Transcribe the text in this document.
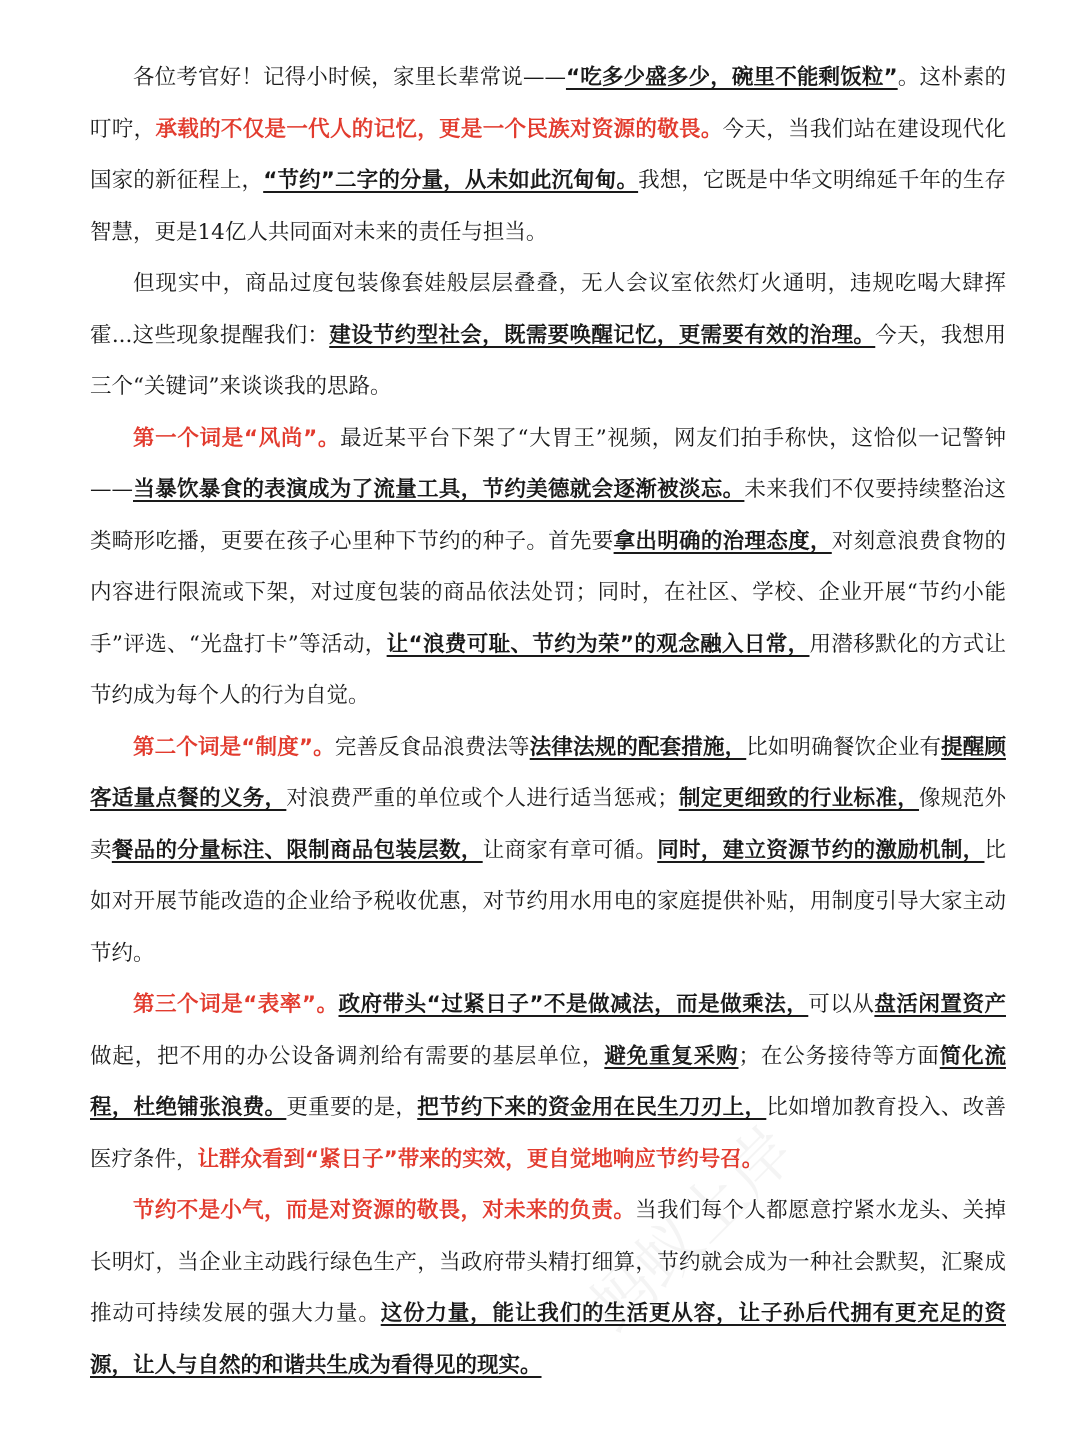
各位考官好！记得小时候，家里长辈常说——“吃多少盛多少，碗里不能剩饭粒”。这朴素的叮咛，承载的不仅是一代人的记忆，更是一个民族对资源的敬畏。今天，当我们站在建设现代化国家的新征程上，“节约”二字的分量，从未如此沉甸甸。我想，它既是中华文明绵延千年的生存智慧，更是14亿人共同面对未来的责任与担当。

但现实中，商品过度包装像套娃般层层叠叠，无人会议室依然灯火通明，违规吃喝大肆挥霍...这些现象提醒我们：建设节约型社会，既需要唤醒记忆，更需要有效的治理。今天，我想用三个“关键词”来谈谈我的思路。

第一个词是“风尚”。最近某平台下架了“大胃王”视频，网友们拍手称快，这恰似一记警钟——当暴饮暴食的表演成为了流量工具，节约美德就会逐渐被淡忘。未来我们不仅要持续整治这类畸形吃播，更要在孩子心里种下节约的种子。首先要拿出明确的治理态度，对刻意浪费食物的内容进行限流或下架，对过度包装的商品依法处罚；同时，在社区、学校、企业开展“节约小能手”评选、“光盘打卡”等活动，让“浪费可耻、节约为荣”的观念融入日常，用潜移默化的方式让节约成为每个人的行为自觉。

第二个词是“制度”。完善反食品浪费法等法律法规的配套措施，比如明确餐饮企业有提醒顾客适量点餐的义务，对浪费严重的单位或个人进行适当惩戒；制定更细致的行业标准，像规范外卖餐品的分量标注、限制商品包装层数，让商家有章可循。同时，建立资源节约的激励机制，比如对开展节能改造的企业给予税收优惠，对节约用水用电的家庭提供补贴，用制度引导大家主动节约。

第三个词是“表率”。政府带头“过紧日子”不是做减法，而是做乘法，可以从盘活闲置资产做起，把不用的办公设备调剂给有需要的基层单位，避免重复采购；在公务接待等方面简化流程，杜绝铺张浪费。更重要的是，把节约下来的资金用在民生刀刃上，比如增加教育投入、改善医疗条件，让群众看到“紧日子”带来的实效，更自觉地响应节约号召。

节约不是小气，而是对资源的敬畏，对未来的负责。当我们每个人都愿意拧紧水龙头、关掉长明灯，当企业主动践行绿色生产，当政府带头精打细算，节约就会成为一种社会默契，汇聚成推动可持续发展的强大力量。这份力量，能让我们的生活更从容，让子孙后代拥有更充足的资源，让人与自然的和谐共生成为看得见的现实。
